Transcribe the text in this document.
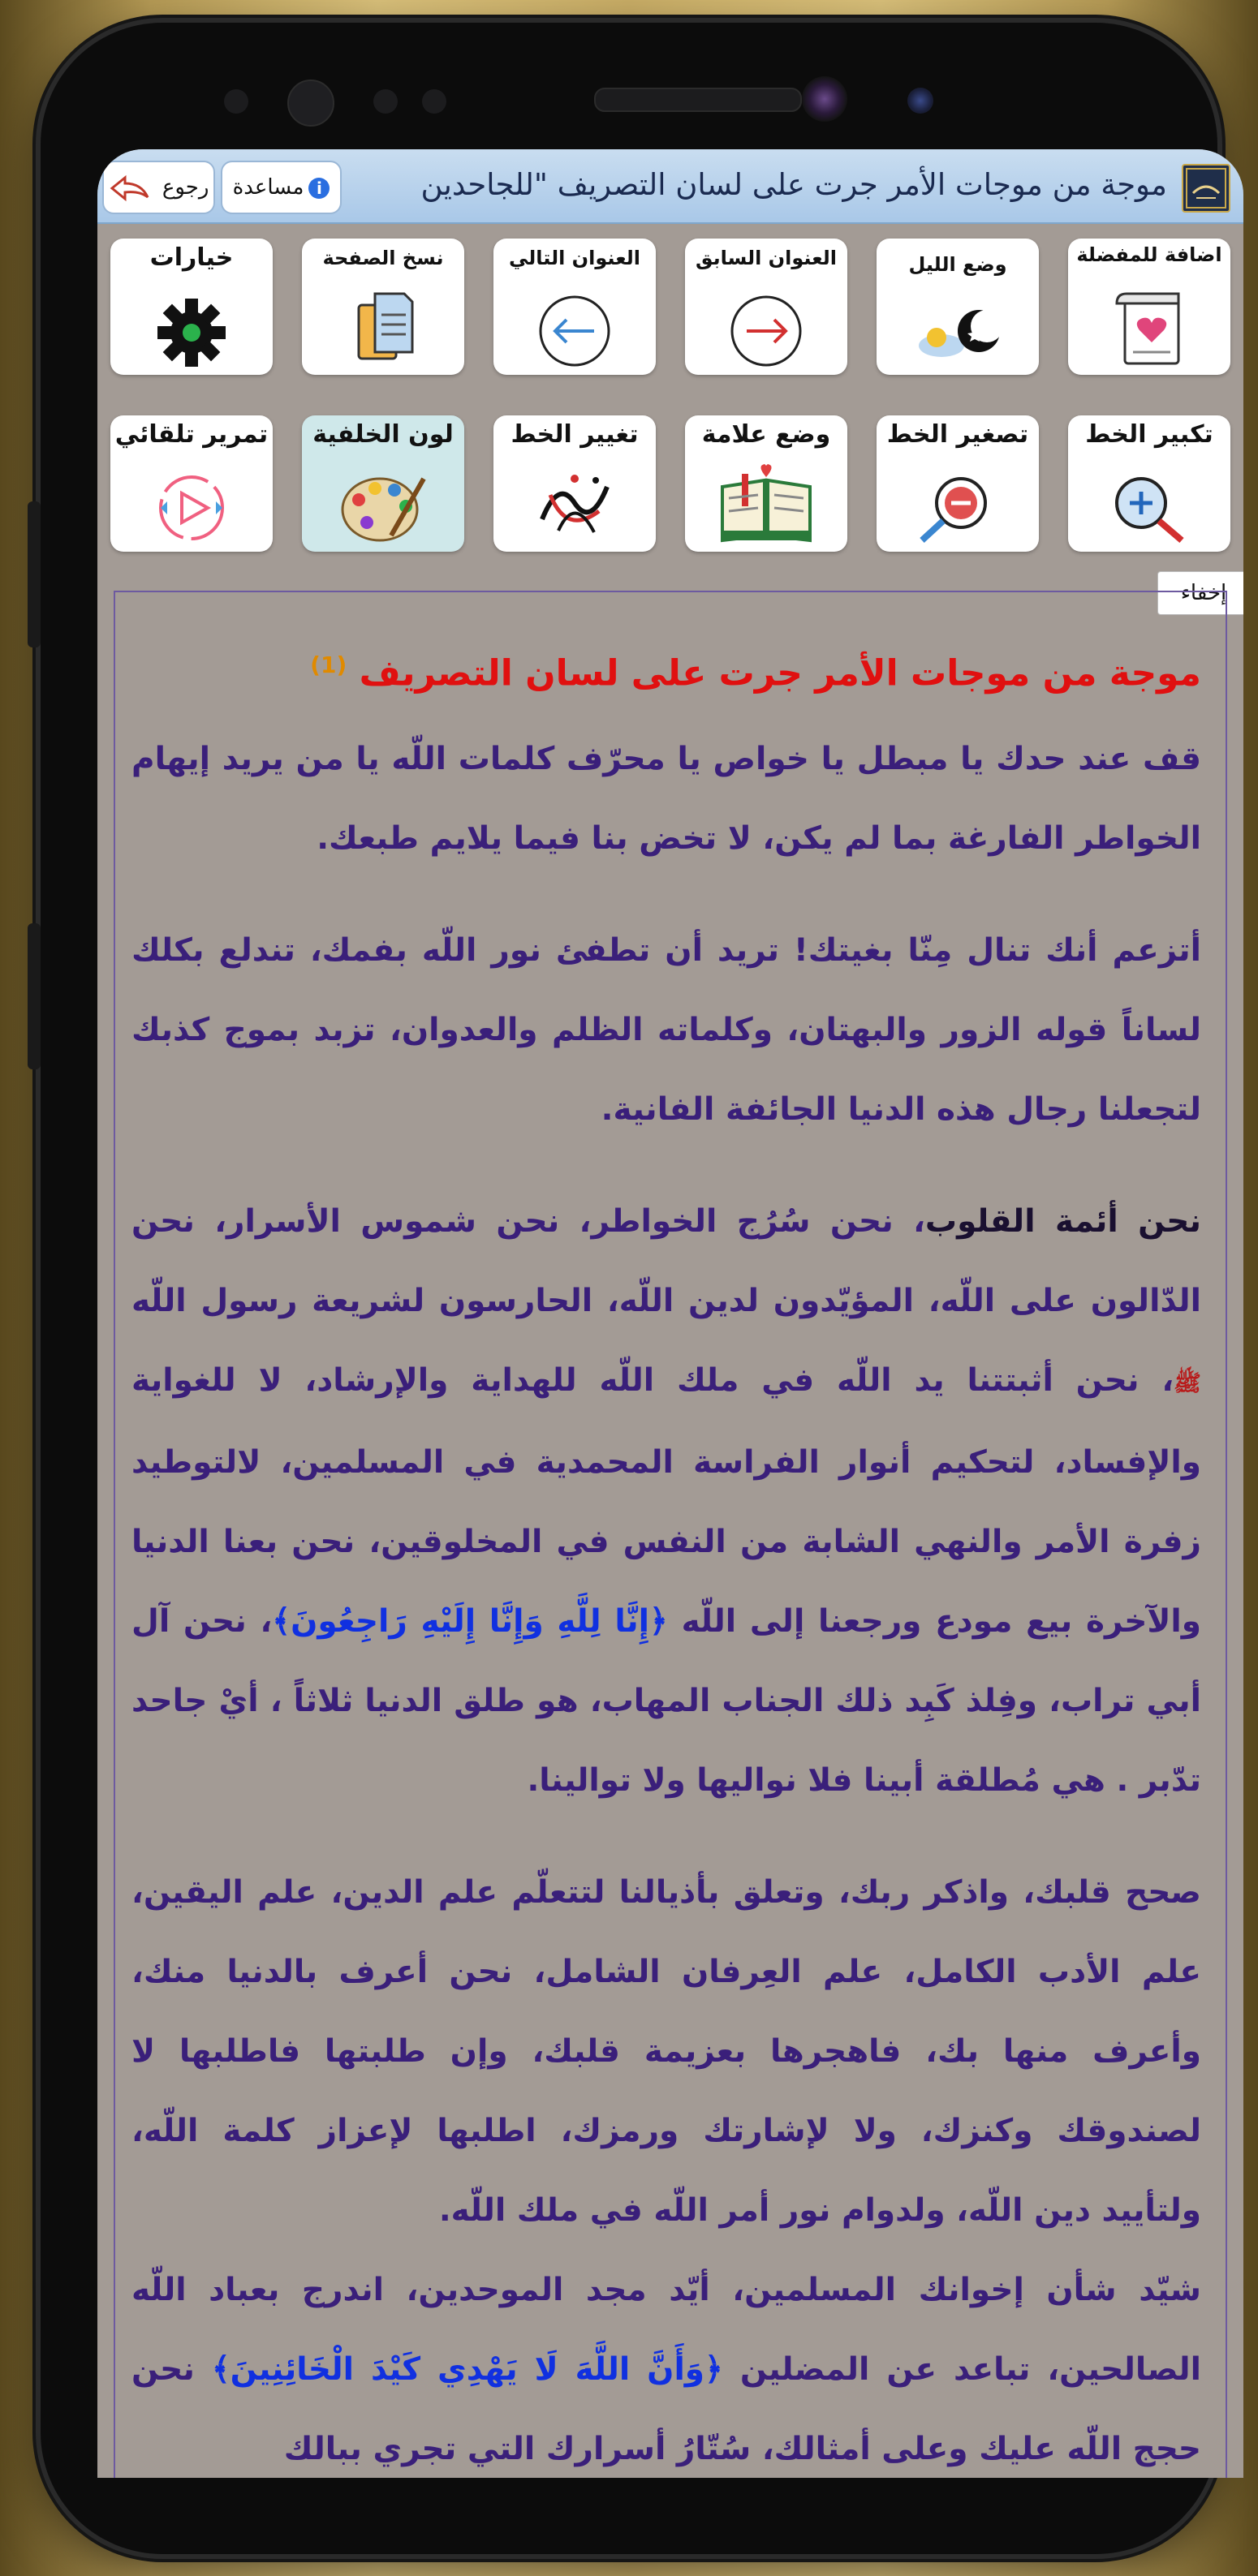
موجة من موجات الأمر جرت على لسان التصريف "للجاحدين
iمساعدة
رجوع
اضافة للمفضلة
وضع الليل
العنوان السابق
العنوان التالي
نسخ الصفحة
خيارات
تكبير الخط
تصغير الخط
وضع علامة
تغيير الخط
لون الخلفية
تمرير تلقائي
إخفاء
موجة من موجات الأمر جرت على لسان التصريف $^{(1)}$

قف عند حدك يا مبطل يا خواص يا محرّف كلمات اللّه يا من يريد إيهام الخواطر الفارغة بما لم يكن، لا تخض بنا فيما يلايم طبعك.

أتزعم أنك تنال مِنّا بغيتك! تريد أن تطفئ نور اللّه بفمك، تندلع بكلك لساناً قوله الزور والبهتان، وكلماته الظلم والعدوان، تزبد بموج كذبك لتجعلنا رجال هذه الدنيا الجائفة الفانية.

نحن أئمة القلوب، نحن سُرُج الخواطر، نحن شموس الأسرار، نحن الدّالون على اللّه، المؤيّدون لدين اللّه، الحارسون لشريعة رسول اللّه ﷺ، نحن أثبتتنا يد اللّه في ملك اللّه للهداية والإرشاد، لا للغواية والإفساد، لتحكيم أنوار الفراسة المحمدية في المسلمين، لالتوطيد زفرة الأمر والنهي الشابة من النفس في المخلوقين، نحن بعنا الدنيا والآخرة بيع مودع ورجعنا إلى اللّه ﴿إِنَّا لِلَّهِ وَإِنَّا إِلَيْهِ رَاجِعُونَ﴾، نحن آل أبي تراب، وفِلذ كَبِد ذلك الجناب المهاب، هو طلق الدنيا ثلاثاً ، أيْ جاحد تدّبر . هي مُطلقة أبينا فلا نواليها ولا توالينا.

صحح قلبك، واذكر ربك، وتعلق بأذيالنا لتتعلّم علم الدين، علم اليقين، علم الأدب الكامل، علم العِرفان الشامل، نحن أعرف بالدنيا منك، وأعرف منها بك، فاهجرها بعزيمة قلبك، وإن طلبتها فاطلبها لا لصندوقك وكنزك، ولا لإشارتك ورمزك، اطلبها لإعزاز كلمة اللّه، ولتأييد دين اللّه، ولدوام نور أمر اللّه في ملك اللّه.

شيّد شأن إخوانك المسلمين، أيّد مجد الموحدين، اندرج بعباد اللّه الصالحين، تباعد عن المضلين ﴿وَأَنَّ اللَّهَ لَا يَهْدِي كَيْدَ الْخَائِنِينَ﴾ نحن حجج اللّه عليك وعلى أمثالك، سُتّارُ أسرارك التي تجري ببالك
